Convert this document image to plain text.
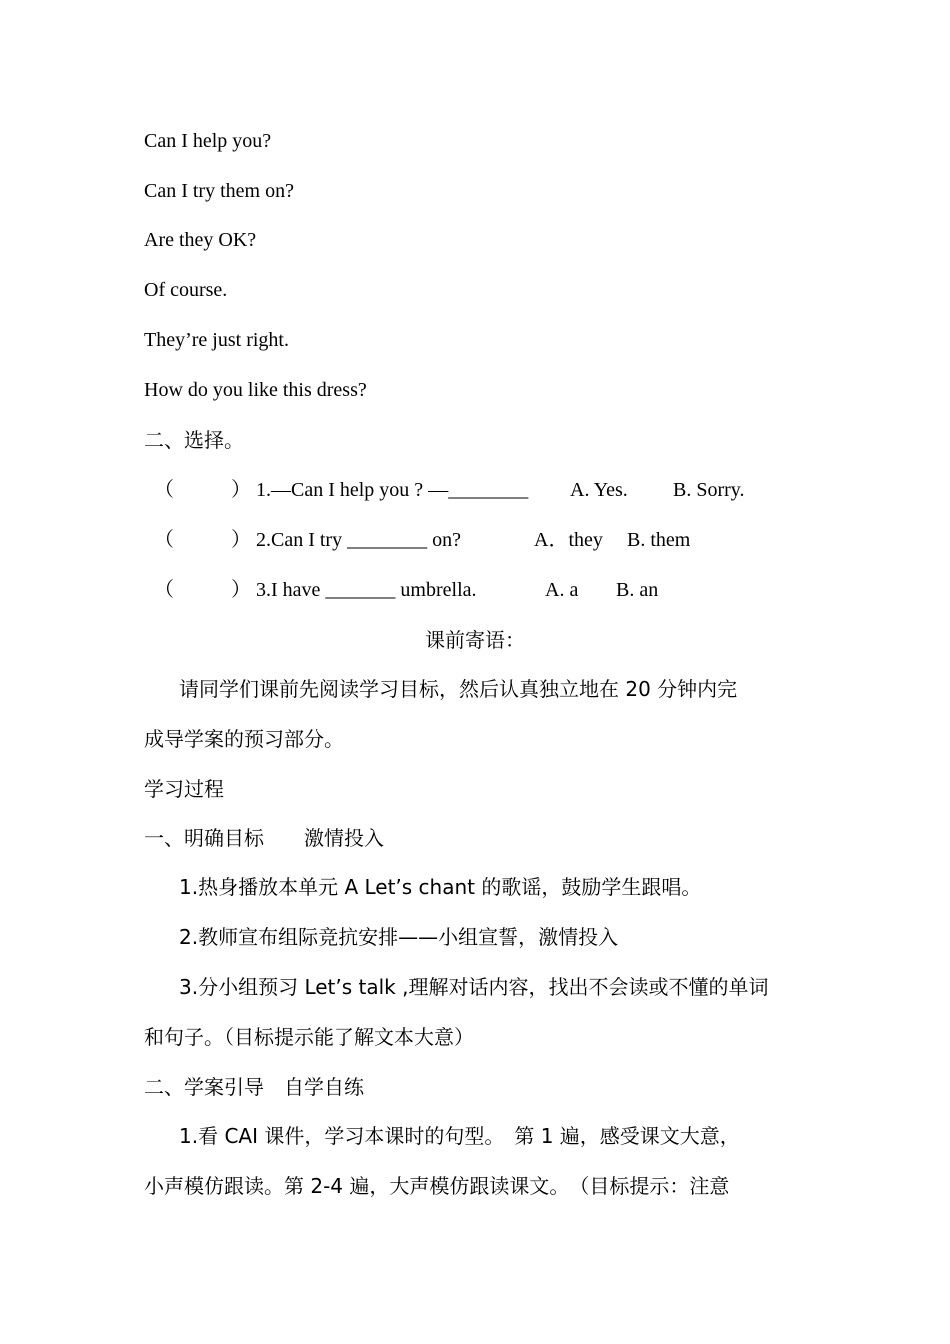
Can I help you?
Can I try them on?
Are they OK?
Of course.
They’re just right.
How do you like this dress?
二、选择。
（	） 1.—Can I help you ? —________ A. Yes. B. Sorry.
（	） 2.Can I try ________ on?	A．they B. them
（	） 3.I have _______ umbrella.	A. a B. an
课前寄语：
请同学们课前先阅读学习目标，然后认真独立地在 20 分钟内完
成导学案的预习部分。
学习过程
一、明确目标　　激情投入
1.热身播放本单元 A Let’s chant 的歌谣，鼓励学生跟唱。
2.教师宣布组际竞抗安排——小组宣誓，激情投入
3.分小组预习 Let’s talk ,理解对话内容，找出不会读或不懂的单词
和句子。（目标提示能了解文本大意）
二、学案引导　自学自练
1.看 CAI 课件，学习本课时的句型。　第 1 遍，感受课文大意，
小声模仿跟读。第 2-4 遍，大声模仿跟读课文。　（目标提示：注意
